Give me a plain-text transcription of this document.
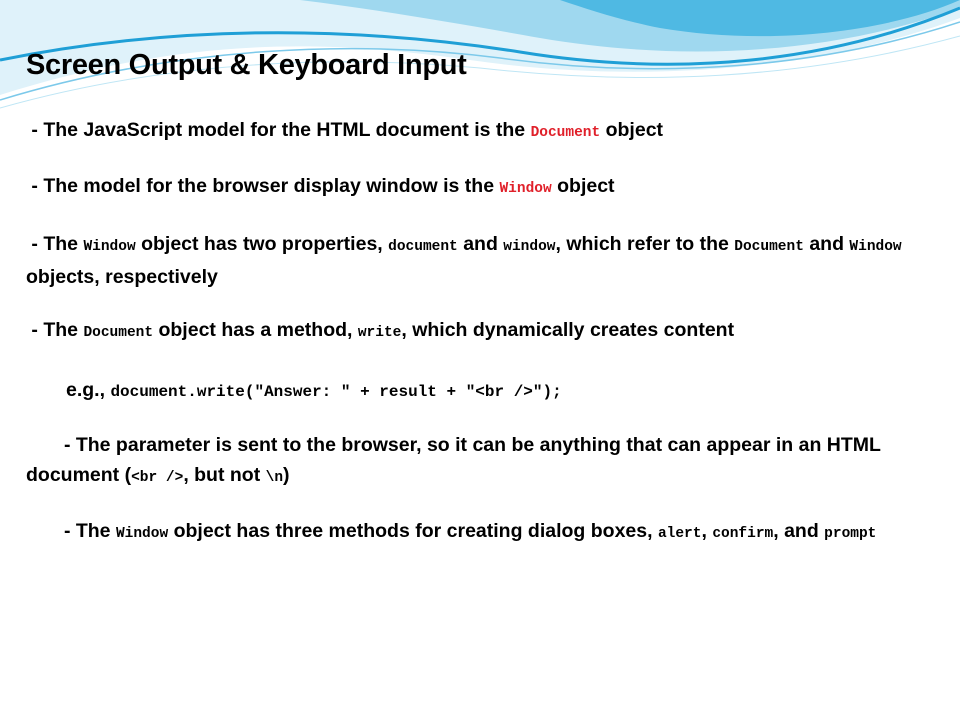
Screen Output & Keyboard Input

- The JavaScript model for the HTML document is the Document object

- The model for the browser display window is the Window object

- The Window object has two properties, document and window, which refer to the Document and Window objects, respectively

- The Document object has a method, write, which dynamically creates content

e.g., document.write("Answer: " + result + "<br />");

- The parameter is sent to the browser, so it can be anything that can appear in an HTML document (<br />, but not \n)

- The Window object has three methods for creating dialog boxes, alert, confirm, and prompt
